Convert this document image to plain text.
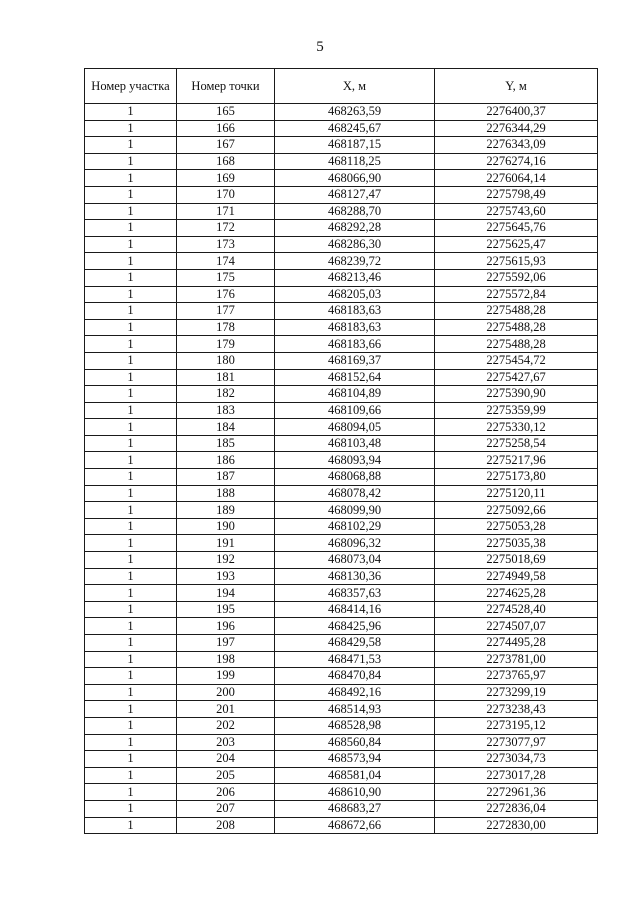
5
Номер участка	Номер точки	X, м	Y, м
1	165	468263,59	2276400,37
1	166	468245,67	2276344,29
1	167	468187,15	2276343,09
1	168	468118,25	2276274,16
1	169	468066,90	2276064,14
1	170	468127,47	2275798,49
1	171	468288,70	2275743,60
1	172	468292,28	2275645,76
1	173	468286,30	2275625,47
1	174	468239,72	2275615,93
1	175	468213,46	2275592,06
1	176	468205,03	2275572,84
1	177	468183,63	2275488,28
1	178	468183,63	2275488,28
1	179	468183,66	2275488,28
1	180	468169,37	2275454,72
1	181	468152,64	2275427,67
1	182	468104,89	2275390,90
1	183	468109,66	2275359,99
1	184	468094,05	2275330,12
1	185	468103,48	2275258,54
1	186	468093,94	2275217,96
1	187	468068,88	2275173,80
1	188	468078,42	2275120,11
1	189	468099,90	2275092,66
1	190	468102,29	2275053,28
1	191	468096,32	2275035,38
1	192	468073,04	2275018,69
1	193	468130,36	2274949,58
1	194	468357,63	2274625,28
1	195	468414,16	2274528,40
1	196	468425,96	2274507,07
1	197	468429,58	2274495,28
1	198	468471,53	2273781,00
1	199	468470,84	2273765,97
1	200	468492,16	2273299,19
1	201	468514,93	2273238,43
1	202	468528,98	2273195,12
1	203	468560,84	2273077,97
1	204	468573,94	2273034,73
1	205	468581,04	2273017,28
1	206	468610,90	2272961,36
1	207	468683,27	2272836,04
1	208	468672,66	2272830,00
